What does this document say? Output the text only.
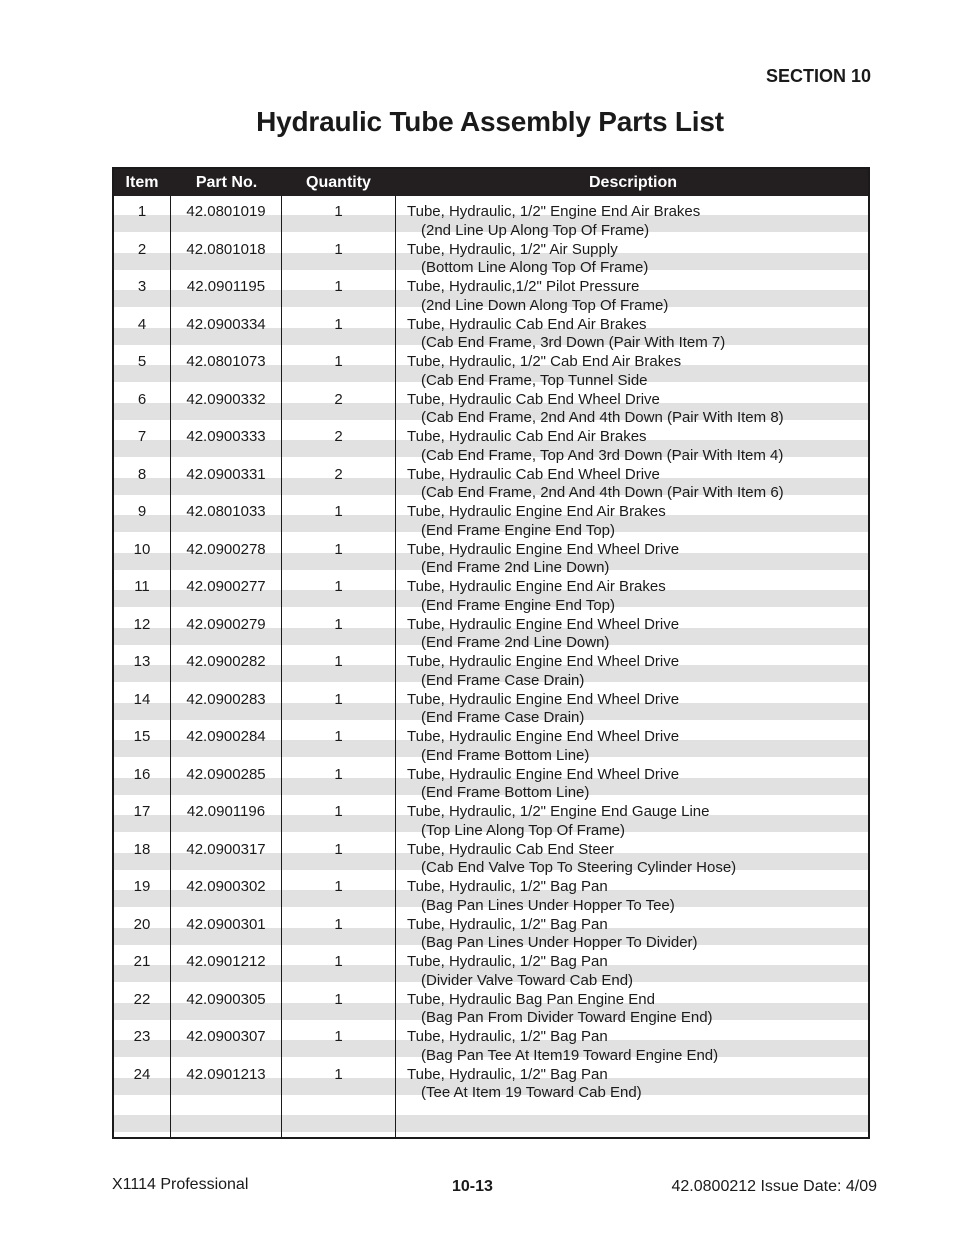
SECTION 10
Hydraulic Tube Assembly Parts List
Item	Part No.	Quantity	Description
1	42.0801019	1	Tube, Hydraulic, 1/2" Engine End Air Brakes
(2nd Line Up Along Top Of Frame)
2	42.0801018	1	Tube, Hydraulic, 1/2" Air Supply
(Bottom Line Along Top Of Frame)
3	42.0901195	1	Tube, Hydraulic,1/2" Pilot Pressure
(2nd Line Down Along Top Of Frame)
4	42.0900334	1	Tube, Hydraulic Cab End Air Brakes
(Cab End Frame, 3rd Down (Pair With Item 7)
5	42.0801073	1	Tube, Hydraulic, 1/2" Cab End Air Brakes
(Cab End Frame, Top Tunnel Side
6	42.0900332	2	Tube, Hydraulic Cab End Wheel Drive
(Cab End Frame, 2nd And 4th Down (Pair With Item 8)
7	42.0900333	2	Tube, Hydraulic Cab End Air Brakes
(Cab End Frame, Top And 3rd Down (Pair With Item 4)
8	42.0900331	2	Tube, Hydraulic Cab End Wheel Drive
(Cab End Frame, 2nd And 4th Down (Pair With Item 6)
9	42.0801033	1	Tube, Hydraulic Engine End Air Brakes
(End Frame Engine End Top)
10	42.0900278	1	Tube, Hydraulic Engine End Wheel Drive
(End Frame 2nd Line Down)
11	42.0900277	1	Tube, Hydraulic Engine End Air Brakes
(End Frame Engine End Top)
12	42.0900279	1	Tube, Hydraulic Engine End Wheel Drive
(End Frame 2nd Line Down)
13	42.0900282	1	Tube, Hydraulic Engine End Wheel Drive
(End Frame Case Drain)
14	42.0900283	1	Tube, Hydraulic Engine End Wheel Drive
(End Frame Case Drain)
15	42.0900284	1	Tube, Hydraulic Engine End Wheel Drive
(End Frame Bottom Line)
16	42.0900285	1	Tube, Hydraulic Engine End Wheel Drive
(End Frame Bottom Line)
17	42.0901196	1	Tube, Hydraulic, 1/2" Engine End Gauge Line
(Top Line Along Top Of Frame)
18	42.0900317	1	Tube, Hydraulic Cab End Steer
(Cab End Valve Top To Steering Cylinder Hose)
19	42.0900302	1	Tube, Hydraulic, 1/2" Bag Pan
(Bag Pan Lines Under Hopper To Tee)
20	42.0900301	1	Tube, Hydraulic, 1/2" Bag Pan
(Bag Pan Lines Under Hopper To Divider)
21	42.0901212	1	Tube, Hydraulic, 1/2" Bag Pan
(Divider Valve Toward Cab End)
22	42.0900305	1	Tube, Hydraulic Bag Pan Engine End
(Bag Pan From Divider Toward Engine End)
23	42.0900307	1	Tube, Hydraulic, 1/2" Bag Pan
(Bag Pan Tee At Item19 Toward Engine End)
24	42.0901213	1	Tube, Hydraulic, 1/2" Bag Pan
(Tee At Item 19 Toward Cab End)
X1114 Professional	10-13	42.0800212 Issue Date: 4/09
